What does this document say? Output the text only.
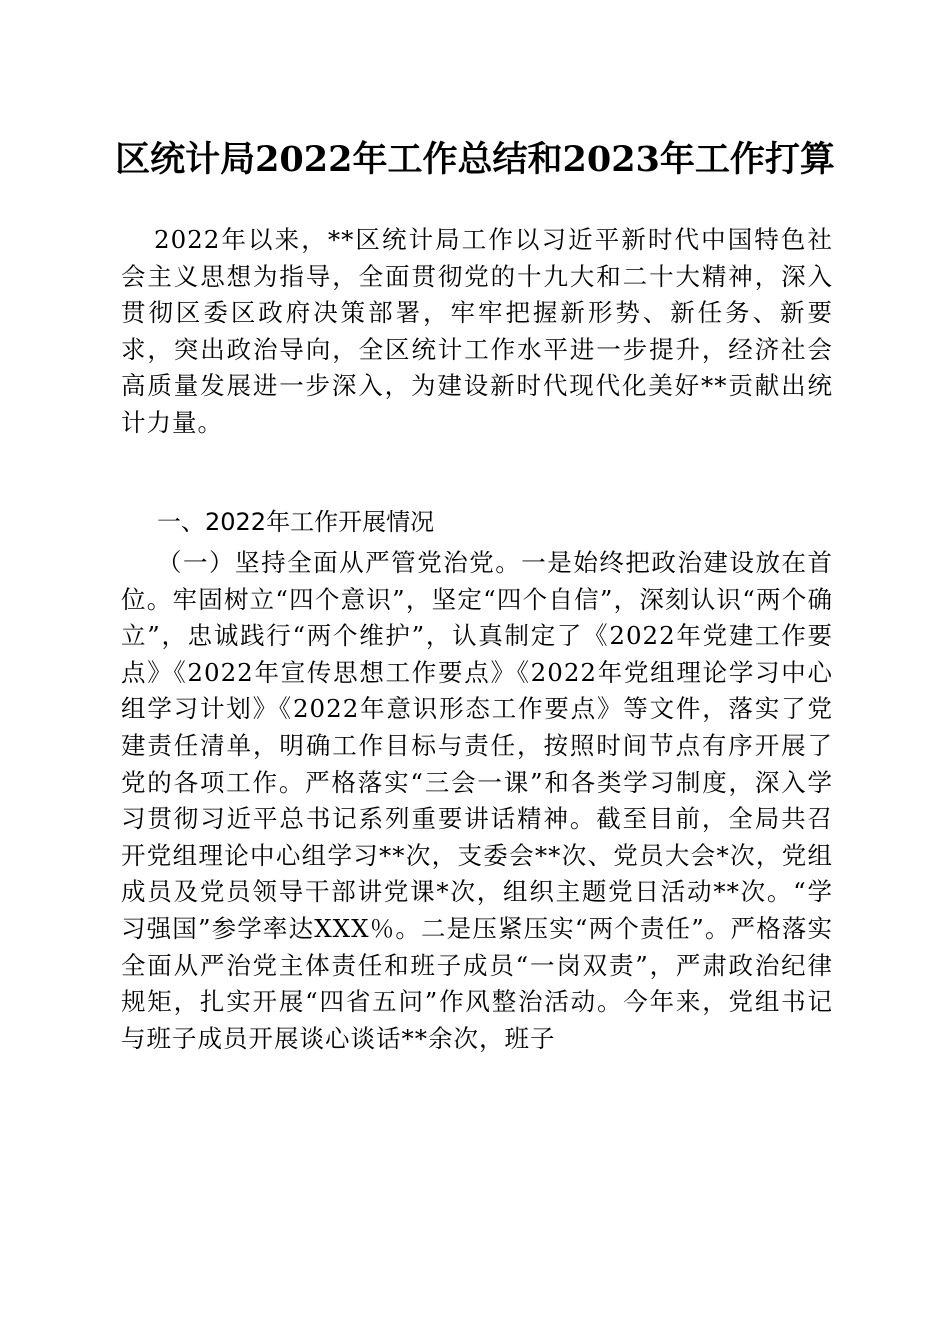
区统计局2022年工作总结和2023年工作打算
2022年以来，**区统计局工作以习近平新时代中国特色社会主义思想为指导，全面贯彻党的十九大和二十大精神，深入贯彻区委区政府决策部署，牢牢把握新形势、新任务、新要求，突出政治导向，全区统计工作水平进一步提升，经济社会高质量发展进一步深入，为建设新时代现代化美好**贡献出统计力量。
一、2022年工作开展情况
（一）坚持全面从严管党治党。一是始终把政治建设放在首位。牢固树立“四个意识”，坚定“四个自信”，深刻认识“两个确立”，忠诚践行“两个维护”，认真制定了《2022年党建工作要点》《2022年宣传思想工作要点》《2022年党组理论学习中心组学习计划》《2022年意识形态工作要点》等文件，落实了党建责任清单，明确工作目标与责任，按照时间节点有序开展了党的各项工作。严格落实“三会一课”和各类学习制度，深入学习贯彻习近平总书记系列重要讲话精神。截至目前，全局共召开党组理论中心组学习**次，支委会**次、党员大会*次，党组成员及党员领导干部讲党课*次，组织主题党日活动**次。“学习强国”参学率达XXX％。二是压紧压实“两个责任”。严格落实全面从严治党主体责任和班子成员“一岗双责”，严肃政治纪律规矩，扎实开展“四省五问”作风整治活动。今年来，党组书记与班子成员开展谈心谈话**余次，班子
